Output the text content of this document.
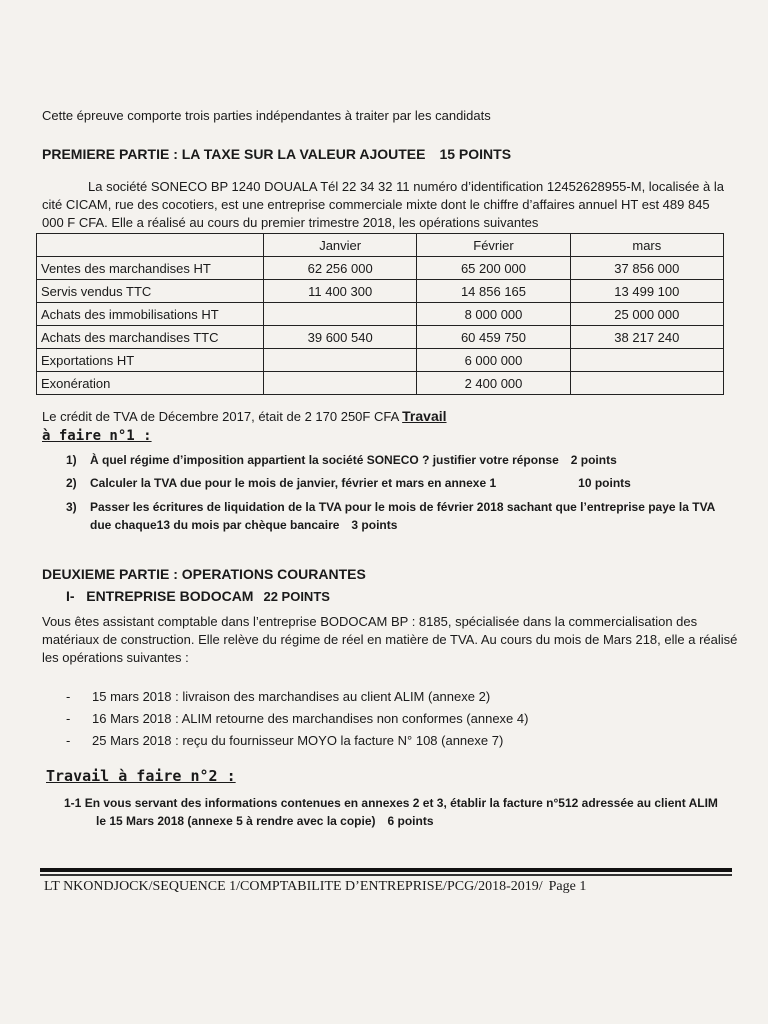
Cette épreuve comporte trois parties indépendantes à traiter par les candidats
PREMIERE PARTIE : LA TAXE SUR LA VALEUR AJOUTEE 15 POINTS
La société SONECO BP 1240 DOUALA Tél 22 34 32 11 numéro d’identification 12452628955-M, localisée à la cité CICAM, rue des cocotiers, est une entreprise commerciale mixte dont le chiffre d’affaires annuel HT est 489 845 000 F CFA. Elle a réalisé au cours du premier trimestre 2018, les opérations suivantes
	Janvier	Février	mars
Ventes des marchandises HT	62 256 000	65 200 000	37 856 000
Servis vendus TTC	11 400 300	14 856 165	13 499 100
Achats des immobilisations HT		8 000 000	25 000 000
Achats des marchandises TTC	39 600 540	60 459 750	38 217 240
Exportations HT		6 000 000	
Exonération		2 400 000	
Le crédit de TVA de Décembre 2017, était de 2 170 250F CFA Travail
à faire n°1 :
1) À quel régime d’imposition appartient la société SONECO ? justifier votre réponse 2 points
2) Calculer la TVA due pour le mois de janvier, février et mars en annexe 1	10 points
3) Passer les écritures de liquidation de la TVA pour le mois de février 2018 sachant que l’entreprise paye la TVA
due chaque13 du mois par chèque bancaire 3 points
DEUXIEME PARTIE : OPERATIONS COURANTES
I- ENTREPRISE BODOCAM 22 POINTS
Vous êtes assistant comptable dans l’entreprise BODOCAM BP : 8185, spécialisée dans la commercialisation des matériaux de construction. Elle relève du régime de réel en matière de TVA. Au cours du mois de Mars 218, elle a réalisé les opérations suivantes :
- 15 mars 2018 : livraison des marchandises au client ALIM (annexe 2)
- 16 Mars 2018 : ALIM retourne des marchandises non conformes (annexe 4)
- 25 Mars 2018 : reçu du fournisseur MOYO la facture N° 108 (annexe 7)
Travail à faire n°2 :
1-1 En vous servant des informations contenues en annexes 2 et 3, établir la facture n°512 adressée au client ALIM
le 15 Mars 2018 (annexe 5 à rendre avec la copie) 6 points
LT NKONDJOCK/SEQUENCE 1/COMPTABILITE D’ENTREPRISE/PCG/2018-2019/ Page 1
